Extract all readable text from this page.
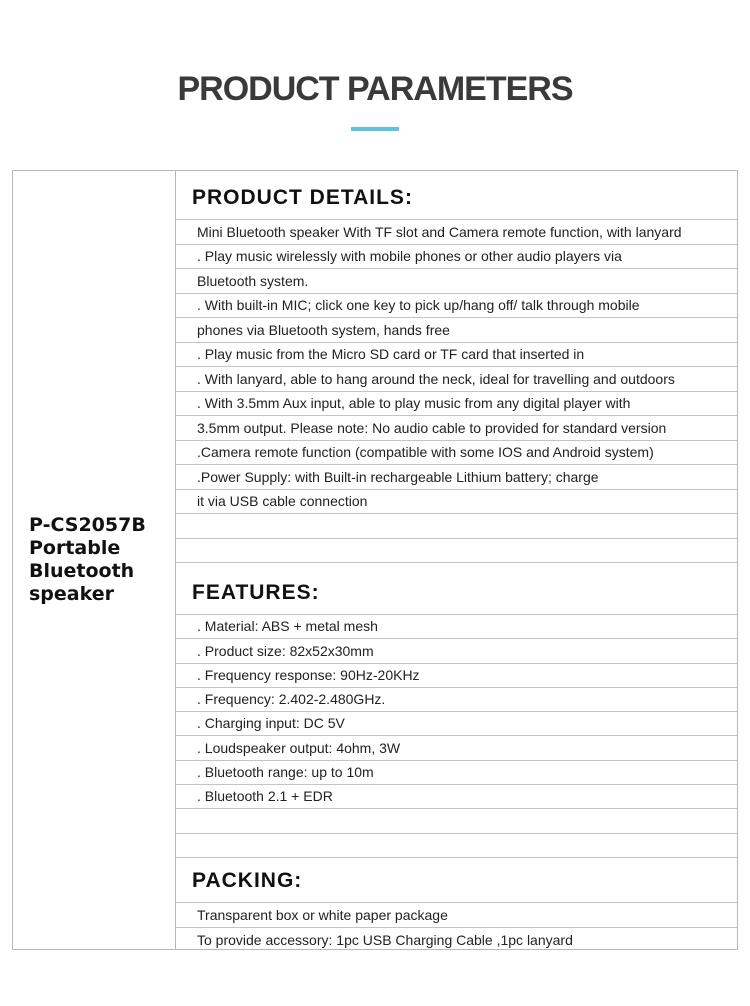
PRODUCT PARAMETERS

P-CS2057B
Portable
Bluetooth
speaker

PRODUCT DETAILS:
Mini Bluetooth speaker With TF slot and Camera remote function, with lanyard
. Play music wirelessly with mobile phones or other audio players via
Bluetooth system.
. With built-in MIC; click one key to pick up/hang off/ talk through mobile
phones via Bluetooth system, hands free
. Play music from the Micro SD card or TF card that inserted in
. With lanyard, able to hang around the neck, ideal for travelling and outdoors
. With 3.5mm Aux input, able to play music from any digital player with
3.5mm output. Please note: No audio cable to provided for standard version
.Camera remote function (compatible with some IOS and Android system)
.Power Supply: with Built-in rechargeable Lithium battery; charge
it via USB cable connection
FEATURES:
. Material: ABS + metal mesh
. Product size: 82x52x30mm
. Frequency response: 90Hz-20KHz
. Frequency: 2.402-2.480GHz.
. Charging input: DC 5V
. Loudspeaker output: 4ohm, 3W
. Bluetooth range: up to 10m
. Bluetooth 2.1 + EDR
PACKING:
Transparent box or white paper package
To provide accessory: 1pc USB Charging Cable ,1pc lanyard
